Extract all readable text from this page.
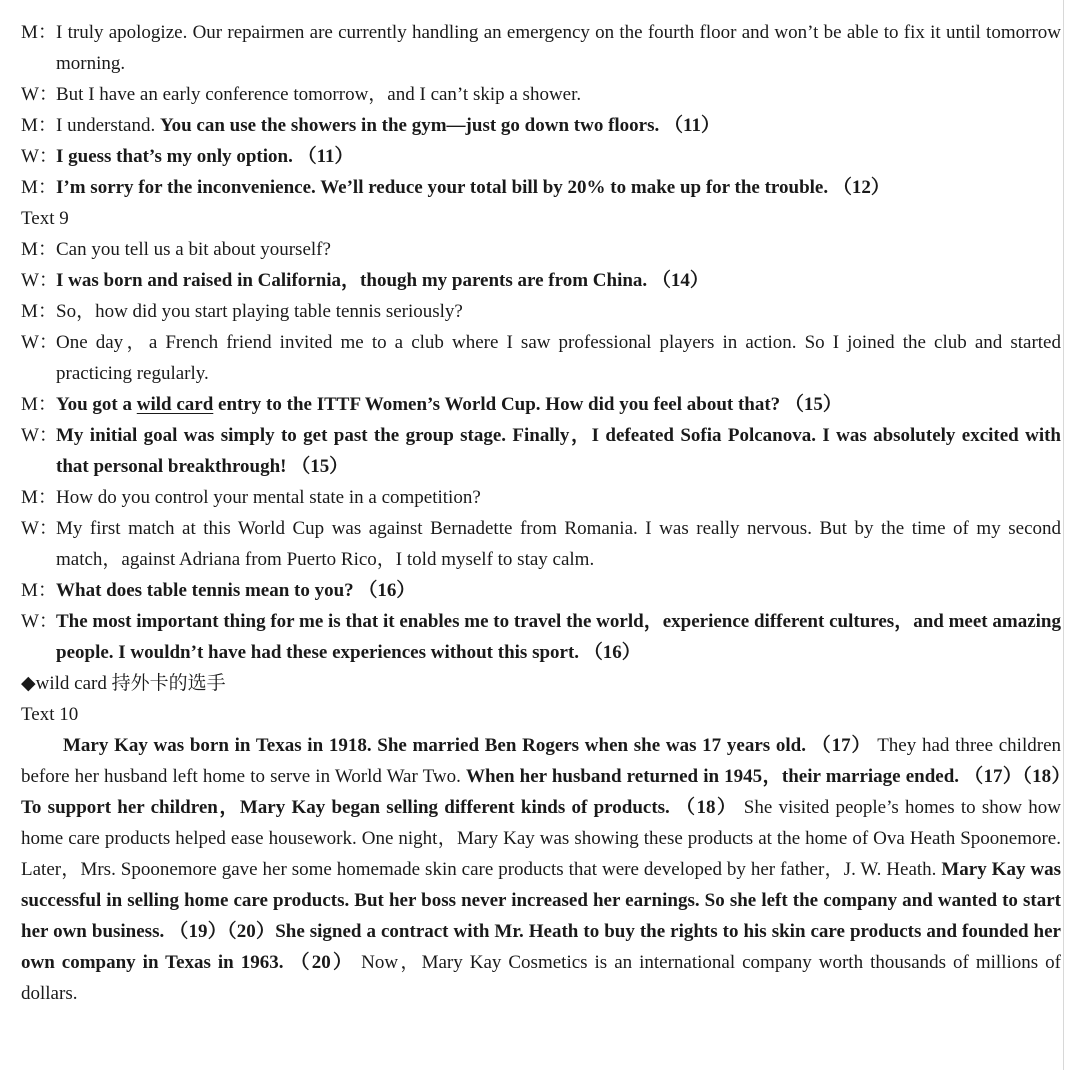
M： I truly apologize. Our repairmen are currently handling an emergency on the fourth floor and won’t be able to fix it until tomorrow morning.
W：
But I have an early conference tomorrow，and I can’t skip a shower.
M： I understand. You can use the showers in the gym—just go down two floors. （11）
W：
I guess that’s my only option. （11）
M： I’m sorry for the inconvenience. We’ll reduce your total bill by 20% to make up for the trouble. （12）
Text 9
M： Can you tell us a bit about yourself?
W：
I was born and raised in California，though my parents are from China. （14）
M： So，how did you start playing table tennis seriously?
W：
One day，a French friend invited me to a club where I saw professional players in action. So I joined the club and started practicing regularly.
M： You got a wild card entry to the ITTF Women’s World Cup. How did you feel about that? （15）
W：
My initial goal was simply to get past the group stage. Finally，I defeated Sofia Polcanova. I was absolutely excited with that personal breakthrough! （15）
M： How do you control your mental state in a competition?
W：
My first match at this World Cup was against Bernadette from Romania. I was really nervous. But by the time of my second match，against Adriana from Puerto Rico，I told myself to stay calm.
M： What does table tennis mean to you? （16）
W：
The most important thing for me is that it enables me to travel the world，experience different cultures，and meet amazing people. I wouldn’t have had these experiences without this sport. （16）
◆wild card 持外卡的选手
Text 10
Mary Kay was born in Texas in 1918. She married Ben Rogers when she was 17 years old. （17） They had three children before her husband left home to serve in World War Two. When her husband returned in 1945，their marriage ended. （17）（18）To support her children，Mary Kay began selling different kinds of products. （18） She visited people’s homes to show how home care products helped ease housework. One night，Mary Kay was showing these products at the home of Ova Heath Spoonemore. Later，Mrs. Spoonemore gave her some homemade skin care products that were developed by her father，J. W. Heath. Mary Kay was successful in selling home care products. But her boss never increased her earnings. So she left the company and wanted to start her own business. （19）（20）She signed a contract with Mr. Heath to buy the rights to his skin care products and founded her own company in Texas in 1963. （20） Now，Mary Kay Cosmetics is an international company worth thousands of millions of dollars.
